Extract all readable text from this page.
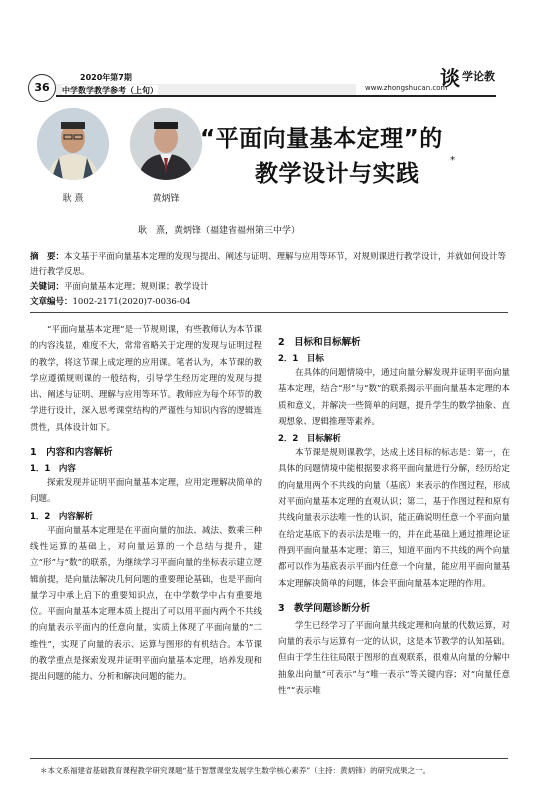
36
2020年第7期
中学数学教学参考（上旬）	www.zhongshucan.com
谈 学论教
耿 熹	黄炳锋
“平面向量基本定理”的
教学设计与实践
*
耿　熹，黄炳锋（福建省福州第三中学）
摘　要：本文基于平面向量基本定理的发现与提出、阐述与证明、理解与应用等环节，对规则课进行教学设计，并就如何设计等进行教学反思。
关键词：平面向量基本定理；规则课；教学设计
文章编号：1002-2171(2020)7-0036-04

“平面向量基本定理”是一节规则课，有些教师认为本节课的内容浅显，难度不大，常常省略关于定理的发现与证明过程的教学，将这节课上成定理的应用课。笔者认为，本节课的教学应遵循规则课的一般结构，引导学生经历定理的发现与提出、阐述与证明、理解与应用等环节。教师应为每个环节的教学进行设计，深入思考课堂结构的严谨性与知识内容的逻辑连贯性，具体设计如下。

1　内容和内容解析
1．1　内容

探索发现并证明平面向量基本定理，应用定理解决简单的问题。

1．2　内容解析

平面向量基本定理是在平面向量的加法、减法、数乘三种线性运算的基础上，对向量运算的一个总结与提升，建立“形”与“数”的联系，为继续学习平面向量的坐标表示建立逻辑前提，是向量法解决几何问题的重要理论基础，也是平面向量学习中承上启下的重要知识点，在中学数学中占有重要地位。平面向量基本定理本质上提出了可以用平面内两个不共线的向量表示平面内的任意向量，实质上体现了平面向量的“二维性”，实现了向量的表示、运算与图形的有机结合。本节课的教学重点是探索发现并证明平面向量基本定理，培养发现和提出问题的能力、分析和解决问题的能力。

2　目标和目标解析
2．1　目标

在具体的问题情境中，通过向量分解发现并证明平面向量基本定理，结合“形”与“数”的联系揭示平面向量基本定理的本质和意义，并解决一些简单的问题，提升学生的数学抽象、直观想象、逻辑推理等素养。

2．2　目标解析

本节课是规则课教学，达成上述目标的标志是：第一，在具体的问题情境中能根据要求将平面向量进行分解，经历给定的向量用两个不共线的向量（基底）来表示的作图过程，形成对平面向量基本定理的直观认识；第二，基于作图过程和原有共线向量表示法唯一性的认识，能正确说明任意一个平面向量在给定基底下的表示法是唯一的，并在此基础上通过推理论证得到平面向量基本定理；第三，知道平面内不共线的两个向量都可以作为基底表示平面内任意一个向量，能应用平面向量基本定理解决简单的问题，体会平面向量基本定理的作用。

3　教学问题诊断分析

学生已经学习了平面向量共线定理和向量的代数运算，对向量的表示与运算有一定的认识，这是本节教学的认知基础。但由于学生往往局限于图形的直观联系，很难从向量的分解中抽象出向量“可表示”与“唯一表示”等关键内容；对“向量任意性”“表示唯

＊本文系福建省基础教育课程教学研究课题“基于智慧课堂发展学生数学核心素养”（主持：黄炳锋）的研究成果之一。
